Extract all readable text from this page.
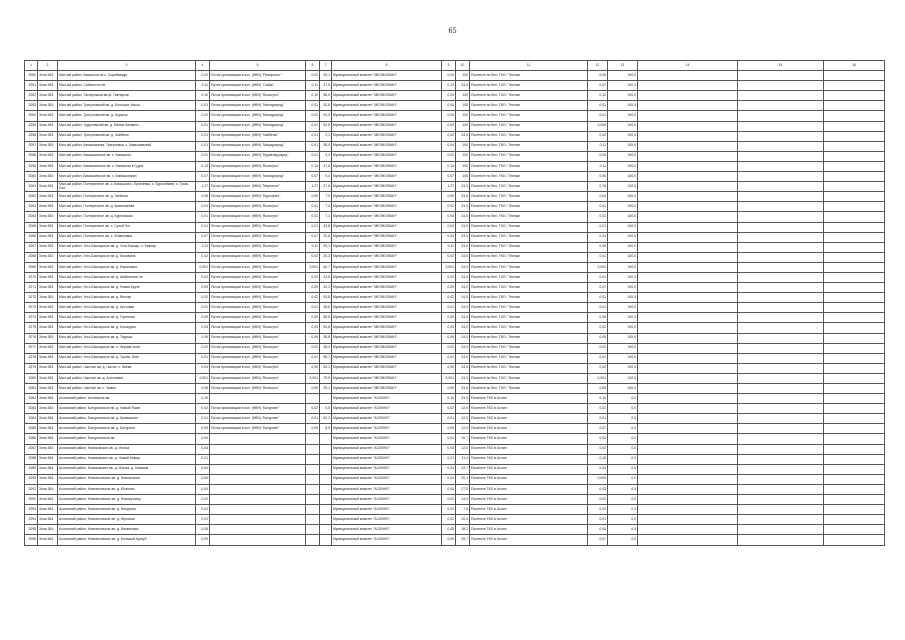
65
1	2	3	4	5	6	7	8	9	10	11	12	13	14	15	16
2050	Зона 363	Мал-ый район, Камышла ов с. Сыреймиды	0,02	Поток организации в кол. (НВН) "Ремпроект"	0,02	29,1	Муниципальный комитет "МЕЛИОЛКАН"	0,04	100	Посетите по бел. ТКО / Теплые	0,05	100,0			
2051	Зона 363	Мал-ый район, Сабачесно ев	0,11	Поток организации в кол. (НВН) "Сабак"	0,11	47,5	Муниципальный комитет "МЕЛИОЛКАН"	0,12	24,0	Посетите по бел. ТКО / Теплые	0,07	100,0			
2052	Зона 363	Мал-ый район, Тактауньков ав ф. Тактаусов	0,10	Поток организации в кол. (НВН) "Вольгуно"	0,10	98,0	Муниципальный комитет "МЕЛИОЛКАН"	0,04	100	Посетите по бел. ТКО / Теплые	0,12	100,0			
2053	Зона 363	Мал-ый район, Тригуловский ав. д. Большое Умыш	0,01	Поток организации в кол. (НВН) "Малаураунд"	0,01	32,6	Муниципальный комитет "МЕЛИОЛКАН"	0,04	100	Посетите по бел. ТКО / Теплые	0,01	100,0			
2054	Зона 363	Мал-ый район, Тригуловский ав. д. Бурхыш	0,02	Поток организации в кол. (НВН) "Малаураунд"	0,02	91,3	Муниципальный комитет "МЕЛИОЛКАН"	0,03	100	Посетите по бел. ТКО / Теплые	0,01	100,0			
2055	Зона 363	Мал-ый район, Урдуловский ав. д. Малое Казаклы	0,01	Поток организации в кол. (НВН) "Малаураунд"	0,01	52,5	Муниципальный комитет "МЕЛИОЛКАН"	0,03	100	Посетите по бел. ТКО / Теплые	0,005	100,0			
2056	Зона 363	Мал-ый район, Тригуловский ав. д. Кайбелы	0,01	Поток организации в кол. (НВН) "Кайбелы"	0,01	2,1	Муниципальный комитет "МЕЛИОЛКАН"	0,02	24,0	Посетите по бел. ТКО / Теплые	0,02	100,0			
2057	Зона 363	Мал-ый район, Камышинова. Тригуловка, с. Камышевский	0,01	Поток организации в кол. (НВН) "Мацаураунд"	0,01	38,0	Муниципальный комитет "МЕЛИОЛКАН"	0,04	100	Посетите по бел. ТКО / Теплые	0,11	100,0			
2058	Зона 363	Мал-ый район, Камышинское ав. с. Камышли	0,01	Поток организации в кол. (НВН) "Куриелаураунд"	0,01	3,4	Муниципальный комитет "МЕЛИОЛКАН"	0,02	100	Посетите по бел. ТКО / Теплые	0,03	100,0			
2059	Зона 363	Мал-ый район, Камышинское ав. с. Камышли в Гуура	0,13	Поток организации в кол. (НВН) "Вольгуно"	0,13	47,6	Муниципальный комитет "МЕЛИОЛКАН"	0,13	100	Посетите по бел. ТКО / Теплые	0,11	100,0			
2060	Зона 363	Мал-ый район, Камышинское ав. с. Камышлирин	0,07	Поток организации в кол. (НВН) "Малаураунд"	0,07	9,4	Муниципальный комитет "МЕЛИОЛКАН"	0,07	100	Посетите по бел. ТКО / Теплые	0,06	100,0			
2061	Зона 363	Мал-ый район, Полтиречное ав. с. Камышла с. Ергачевка, с. Бурсанбаев, с. Гусак-Сел	1,27	Поток организации в кол. (НВН) "Мартелье"	1,27	27,6	Муниципальный комитет "МЕЛИОЛКАН"	1,27	24,0	Посетите по бел. ТКО / Теплые	0,76	100,0			
2062	Зона 363	Мал-ый район, Полтиречное ав. д. Зелёная	0,06	Поток организации в кол. (НВН) "Бурслезет"	0,06	7,0	Муниципальный комитет "МЕЛИОЛКАН"	0,06	24,0	Посетите по бел. ТКО / Теплые	0,04	100,0			
2063	Зона 363	Мал-ый район, Полтиречное ав. д. Кривошеева	0,01	Поток организации в кол. (НВН) "Вольгуно"	0,01	7,4	Муниципальный комитет "МЕЛИОЛКАН"	0,02	24,0	Посетите по бел. ТКО / Теплые	0,01	100,0			
2064	Зона 363	Мал-ый район, Полтиречное ав. д. Бурновская	0,01	Поток организации в кол. (НВН) "Вольгуно"	0,01	7,1	Муниципальный комитет "МЕЛИОЛКАН"	0,04	24,0	Посетите по бел. ТКО / Теплые	0,01	100,0			
2065	Зона 363	Мал-ый район, Полтиречное ав. с. Сухой Лог	0,01	Поток организации в кол. (НВН) "Вольгуно"	0,01	43,8	Муниципальный комитет "МЕЛИОЛКАН"	0,04	24,0	Посетите по бел. ТКО / Теплые	0,01	100,0			
2066	Зона 363	Мал-ый район, Полтиречное ав. с. Фоминовка	0,07	Поток организации в кол. (НВН) "Вольгуно"	0,07	20,8	Муниципальный комитет "МЕЛИОЛКАН"	0,03	24,0	Посетите по бел. ТКО / Теплые	0,04	100,0			
2067	Зона 363	Мал-ый район, Усть-Бакчарское ав. д. Усть-Бакчар, с. Бакчар	0,11	Поток организации в кол. (НВН) "Вольгуно"	0,11	93,1	Муниципальный комитет "МЕЛИОЛКАН"	0,11	24,0	Посетите по бел. ТКО / Теплые	0,06	100,0			
2068	Зона 363	Мал-ый район, Усть-Бакчарское ав. д. Москвина	0,02	Поток организации в кол. (НВН) "Вольгуно"	0,02	20,3	Муниципальный комитет "МЕЛИОЛКАН"	0,02	24,0	Посетите по бел. ТКО / Теплые	0,01	100,0			
2069	Зона 363	Мал-ый район, Усть-Бакчарское ав. д. Барановка	0,001	Поток организации в кол. (НВН) "Вольгуно"	0,001	60,7	Муниципальный комитет "МЕЛИОЛКАН"	0,001	24,0	Посетите по бел. ТКО / Теплые	0,002	100,0			
2070	Зона 363	Мал-ый район, Усть-Бакчарское ав. д. Шайтанова Чи	0,02	Поток организации в кол. (НВН) "Вольгуно"	0,02	23,8	Муниципальный комитет "МЕЛИОЛКАН"	0,02	24,0	Посетите по бел. ТКО / Теплые	0,01	100,0			
2071	Зона 363	Мал-ый район, Усть-Бакчарское ав. д. Новая Крузе	0,09	Поток организации в кол. (НВН) "Вольгуно"	0,09	32,2	Муниципальный комитет "МЕЛИОЛКАН"	0,09	24,0	Посетите по бел. ТКО / Теплые	0,07	100,0			
2072	Зона 363	Мал-ый район, Усть-Бакчарское ав. д. Вахтар	0,02	Поток организации в кол. (НВН) "Вольгуно"	0,02	93,8	Муниципальный комитет "МЕЛИОЛКАН"	0,02	24,0	Посетите по бел. ТКО / Теплые	0,01	100,0			
2073	Зона 363	Мал-ый район, Усть-Бакчарское ав. д. Кустовая	0,01	Поток организации в кол. (НВН) "Вольгуно"	0,01	28,6	Муниципальный комитет "МЕЛИОЛКАН"	0,01	24,0	Посетите по бел. ТКО / Теплые	0,01	100,0			
2074	Зона 363	Мал-ый район, Усть-Бакчарское ав. д. Горелова	0,09	Поток организации в кол. (НВН) "Вольгуно"	0,09	88,8	Муниципальный комитет "МЕЛИОЛКАН"	0,09	24,0	Посетите по бел. ТКО / Теплые	0,06	100,0			
2075	Зона 363	Мал-ый район, Усть-Бакчарское ав. д. Косокурье	0,03	Поток организации в кол. (НВН) "Вольгуно"	0,03	94,8	Муниципальный комитет "МЕЛИОЛКАН"	0,03	24,0	Посетите по бел. ТКО / Теплые	0,02	100,0			
2076	Зона 363	Мал-ый район, Усть-Бакчарское ав. д. Тоурыш	0,06	Поток организации в кол. (НВН) "Вольгуно"	0,06	38,8	Муниципальный комитет "МЕЛИОЛКАН"	0,06	24,0	Посетите по бел. ТКО / Теплые	0,05	100,0			
2077	Зона 363	Мал-ый район, Усть-Бакчарское ав. с. Черная-лоза	0,02	Поток организации в кол. (НВН) "Вольгуно"	0,02	28,4	Муниципальный комитет "МЕЛИОЛКАН"	0,02	24,0	Посетите по бел. ТКО / Теплые	0,02	100,0			
2078	Зона 363	Мал-ый район, Усть-Бакчарское ав. д. Трилы-Тиле	0,01	Поток организации в кол. (НВН) "Вольгуно"	0,01	98,7	Муниципальный комитет "МЕЛИОЛКАН"	0,01	24,0	Посетите по бел. ТКО / Теплые	0,01	100,0			
2079	Зона 363	Мал-ый район, Чылтые ав. д. Чыхое, с. Киева	0,04	Поток организации в кол. (НВН) "Вольгуно"	0,04	93,1	Муниципальный комитет "МЕЛИОЛКАН"	0,04	24,0	Посетите по бел. ТКО / Теплые	0,02	100,0			
2080	Зона 363	Мал-ый район, Чылтые ав. д. Антоновка	0,001	Поток организации в кол. (НВН) "Вольгуно"	0,001	79,9	Муниципальный комитет "МЕЛИОЛКАН"	0,001	24,0	Посетите по бел. ТКО / Теплые	0,001	100,0			
2081	Зона 363	Мал-ый район, Чылтые ав. с. Чыкое	0,06	Поток организации в кол. (НВН) "Вольгуно"	0,06	29,1	Муниципальный комитет "МЕЛИОЛКАН"	0,06	24,0	Посетите по бел. ТКО / Теплые	0,05	100,0			
2082	Зона 364	Аслинский район, Аслинское ав.	0,10				Муниципальный комитет "АСЛИНО"	0,10	24,0	Посетите ТКО в Аслин	0,10	0,0			
2083	Зона 364	Аслинский район, Батурлинское ав. д. Новый Яшин	0,02	Поток организации в кол. (НВН) "Батурлин"	0,02	4,5	Муниципальный комитет "АСЛИНО"	0,02	12,0	Посетите ТКО в Аслин	0,01	0,0			
2084	Зона 364	Аслинский район, Батурлинское ав. д. Кривошеин	0,01	Поток организации в кол. (НВН) "Батурлин"	0,01	52,2	Муниципальный комитет "АСЛИНО"	0,01	12,0	Посетите ТКО в Аслин	0,01	0,0			
2085	Зона 364	Аслинский район, Батурлинское ав. д. Батурлин	0,09	Поток организации в кол. (НВН) "Батурлин"	0,09	8,9	Муниципальный комитет "АСЛИНО"	0,09	12,0	Посетите ТКО в Аслин	0,07	0,0			
2086	Зона 364	Аслинский район, Батурлинское ав.	0,04				Муниципальный комитет "АСЛИНО"	0,04	10,7	Посетите ТКО в Аслин	0,03	0,0			
2087	Зона 364	Аслинский район, Новиковское ав. д. Итатка	0,03				Муниципальный комитет "АСЛИНО"	0,03	12,0	Посетите ТКО в Аслин	0,02	0,0			
2088	Зона 364	Аслинский район, Новиковское ав. д. Новый Кижир	0,21				Муниципальный комитет "АСЛИНО"	0,21	11,4	Посетите ТКО в Аслин	0,15	0,0			
2089	Зона 364	Аслинский район, Новиковское ав. д. Итатка, д. Новиков	0,04				Муниципальный комитет "АСЛИНО"	0,04	22,7	Посетите ТКО в Аслин	0,03	0,0			
2090	Зона 364	Аслинский район, Новоюгинское ав. д. Новоюгинка	0,04				Муниципальный комитет "АСЛИНО"	0,04	20,1	Посетите ТКО в Аслин	0,005	0,0			
2091	Зона 364	Аслинский район, Новоюгинское ав. д. Юганово	0,04				Муниципальный комитет "АСЛИНО"	0,04	27,0	Посетите ТКО в Аслин	0,03	0,0			
2092	Зона 364	Аслинский район, Новоюгинское ав. д. Новокузнецк	0,02				Муниципальный комитет "АСЛИНО"	0,02	14,0	Посетите ТКО в Аслин	0,02	0,0			
2093	Зона 364	Аслинский район, Новоюгинское ав. д. Батурина	0,02				Муниципальный комитет "АСЛИНО"	0,02	7,5	Посетите ТКО в Аслин	0,02	0,0			
2094	Зона 364	Аслинский район, Новоюгинское ав. д. Юргинка	0,02				Муниципальный комитет "АСЛИНО"	0,02	10,4	Посетите ТКО в Аслин	0,01	0,0			
2095	Зона 364	Аслинский район, Новоюгинское ав. д. Малиновка	0,05				Муниципальный комитет "АСЛИНО"	0,05	18,1	Посетите ТКО в Аслин	0,04	0,0			
2096	Зона 364	Аслинский район, Новоюгинское ав. д. Большой Кускуб	0,09				Муниципальный комитет "АСЛИНО"	0,09	25,7	Посетите ТКО в Аслин	0,07	0,0			
